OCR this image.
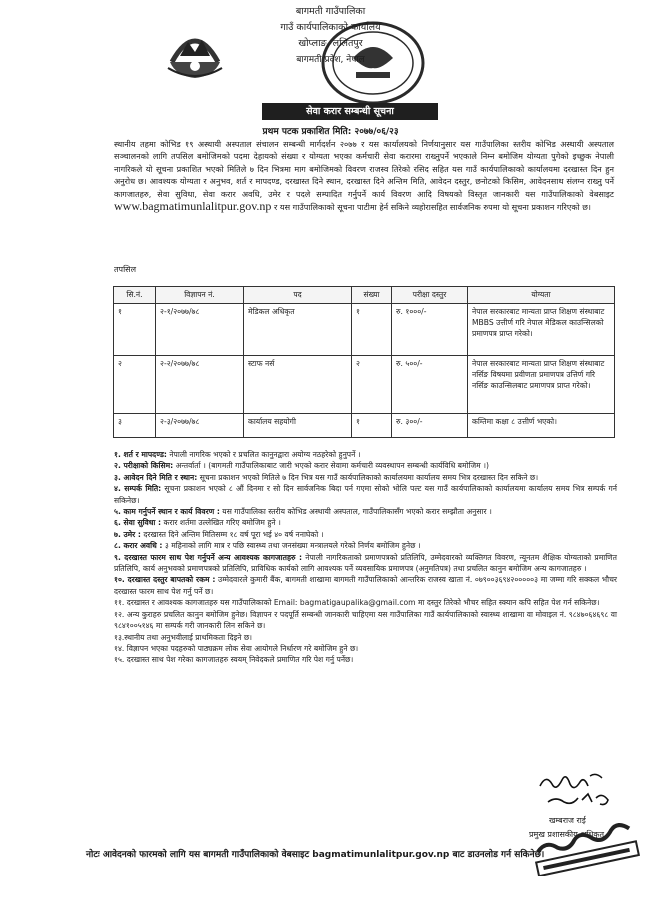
बागमती गाउँपालिका
गाउँ कार्यपालिकाको कार्यालय
खोप्लाङ, ललितपुर
बागमती प्रदेश, नेपाल
सेवा करार सम्बन्धी सूचना
प्रथम पटक प्रकाशित मिति: २०७७/०६/२३
स्थानीय तहमा कोभिड १९ अस्थायी अस्पताल संचालन सम्बन्धी मार्गदर्शन २०७७ र यस कार्यालयको निर्णयानुसार यस गाउँपालिका स्तरीय कोभिड अस्थायी अस्पताल सञ्चालनको लागि तपसिल बमोजिमको पदमा देहायको संख्या र योग्यता भएका कर्मचारी सेवा करारमा राख्नुपर्ने भएकाले निम्न बमोजिम योग्यता पुगेको इच्छुक नेपाली नागरिकले यो सूचना प्रकाशित भएको मितिले ७ दिन भित्रमा माग बमोजिमको विवरण राजस्व तिरेको रसिद सहित यस गाउँ कार्यपालिकाको कार्यालयमा दरखास्त दिन हुन अनुरोध छ। आवश्यक योग्यता र अनुभव, शर्त र मापदण्ड, दरखास्त दिने स्थान, दरखास्त दिने अन्तिम मिति, आवेदन दस्तुर, छनोटको किसिम, आवेदनसाथ संलग्न राख्नु पर्ने कागजातहरु, सेवा सुविधा, सेवा करार अवधि, उमेर र पदले सम्पादित गर्नुपर्ने कार्य विवरण आदि विषयको विस्तृत जानकारी यस गाउँपालिकाको वेबसाइट www.bagmatimunlalitpur.gov.np र यस गाउँपालिकाको सूचना पाटीमा हेर्न सकिने व्यहोरासहित सार्वजनिक रुपमा यो सूचना प्रकाशन गरिएको छ।
तपसिल
सि.नं.	विज्ञापन नं.	पद	संख्या	परीक्षा दस्तुर	योग्यता
१	२-१/२०७७/७८	मेडिकल अधिकृत	१	रु. १०००/-	नेपाल सरकारबाट मान्यता प्राप्त शिक्षण संस्थाबाट MBBS उत्तीर्ण गरि नेपाल मेडिकल काउन्सिलको प्रमाणपत्र प्राप्त गरेको।
२	२-२/२०७७/७८	स्टाफ नर्स	२	रु. ५००/-	नेपाल सरकारबाट मान्यता प्राप्त शिक्षण संस्थाबाट नर्सिङ विषयमा प्रवीणता प्रमाणपत्र उत्तिर्ण गरि नर्सिङ काउन्सिलबाट प्रमाणपत्र प्राप्त गरेको।
३	२-३/२०७७/७८	कार्यालय सहयोगी	१	रु. ३००/-	कम्तिमा कक्षा ८ उत्तीर्ण भएको।

१. शर्त र मापदण्ड: नेपाली नागरिक भएको र प्रचलित कानुनद्वारा अयोग्य नठहरेको हुनुपर्ने ।

२. परीक्षाको किसिम: अन्तर्वार्ता । (बागमती गाउँपालिकाबाट जारी भएको करार सेवामा कर्मचारी व्यवस्थापन सम्बन्धी कार्यविधि बमोजिम ।)

३. आवेदन दिने मिति र स्थान: सूचना प्रकाशन भएको मितिले ७ दिन भित्र यस गाउँ कार्यपालिकाको कार्यालयमा कार्यालय समय भित्र दरखास्त दिन सकिने छ।

४. सम्पर्क मिति: सूचना प्रकाशन भएको ८ औं दिनमा र सो दिन सार्वजनिक बिदा पर्न गएमा सोको भोलि पल्ट यस गाउँ कार्यपालिकाको कार्यालयमा कार्यालय समय भित्र सम्पर्क गर्न सकिनेछ।

५. काम गर्नुपर्ने स्थान र कार्य विवरण : यस गाउँपालिका स्तरीय कोभिड अस्थायी अस्पताल, गाउँपालिकासँग भएको करार सम्झौता अनुसार ।

६. सेवा सुविधा : करार शर्तमा उल्लेखित गरिए बमोजिम हुने ।

७. उमेर : दरखास्त दिने अन्तिम मितिसम्म १८ वर्ष पूरा भई ४० वर्ष ननाघेको ।

८. करार अवधि : ३ महिनाको लागि मात्र र पछि स्वास्थ्य तथा जनसंख्या मन्त्रालयले गरेको निर्णय बमोजिम हुनेछ ।

९. दरखास्त फारम साथ पेश गर्नुपर्ने अन्य आवश्यक कागजातहरु : नेपाली नागरिकताको प्रमाणपत्रको प्रतिलिपि, उम्मेदवारको व्यक्तिगत विवरण, न्यूनतम शैक्षिक योग्यताको प्रमाणित प्रतिलिपि, कार्य अनुभवको प्रमाणपत्रको प्रतिलिपि, प्राविधिक कार्यको लागि आवश्यक पर्ने व्यवसायिक प्रमाणपत्र (अनुमतिपत्र) तथा प्रचलित कानुन बमोजिम अन्य कागजातहरु ।

१०. दरखास्त दस्तुर बापतको रकम : उम्मेदवारले कुमारी बैंक, बागमती शाखामा बागमती गाउँपालिकाको आन्तरिक राजस्व खाता नं. ०७९००३६९४२०००००३ मा जम्मा गरि सक्कल भौचर दरखास्त फारम साथ पेश गर्नु पर्ने छ।

११. दरखास्त र आवश्यक कागजातहरु यस गाउँपालिकाको Email: bagmatigaupalika@gmail.com मा दस्तुर तिरेको भौचर सहित स्क्यान कपि सहित पेश गर्न सकिनेछ।

१२. अन्य कुराहरु प्रचलित कानुन बमोजिम हुनेछ। विज्ञापन र पदपूर्ति सम्बन्धी जानकारी चाहिएमा यस गाउँपालिका गाउँ कार्यपालिकाको स्वास्थ्य शाखामा वा मोवाइल नं. ९८४७०६४६९८ वा ९८४१००५१४६ मा सम्पर्क गरी जानकारी लिन सकिने छ।

१३.स्थानीय तथा अनुभवीलाई प्राथमिकता दिइने छ।

१४. विज्ञापन भएका पदहरुको पाठ्यक्रम लोक सेवा आयोगले निर्धारण गरे बमोजिम हुने छ।

१५. दरखास्त साथ पेश गरेका कागजातहरु स्वयम् निवेदकले प्रमाणित गरि पेश गर्नु पर्नेछ।

खम्बराज राई
प्रमुख प्रशासकीय अधिकृत
नोटः आवेदनको फारमको लागि यस बागमती गाउँपालिकाको वेबसाइट bagmatimunlalitpur.gov.np बाट डाउनलोड गर्न सकिनेछ।
